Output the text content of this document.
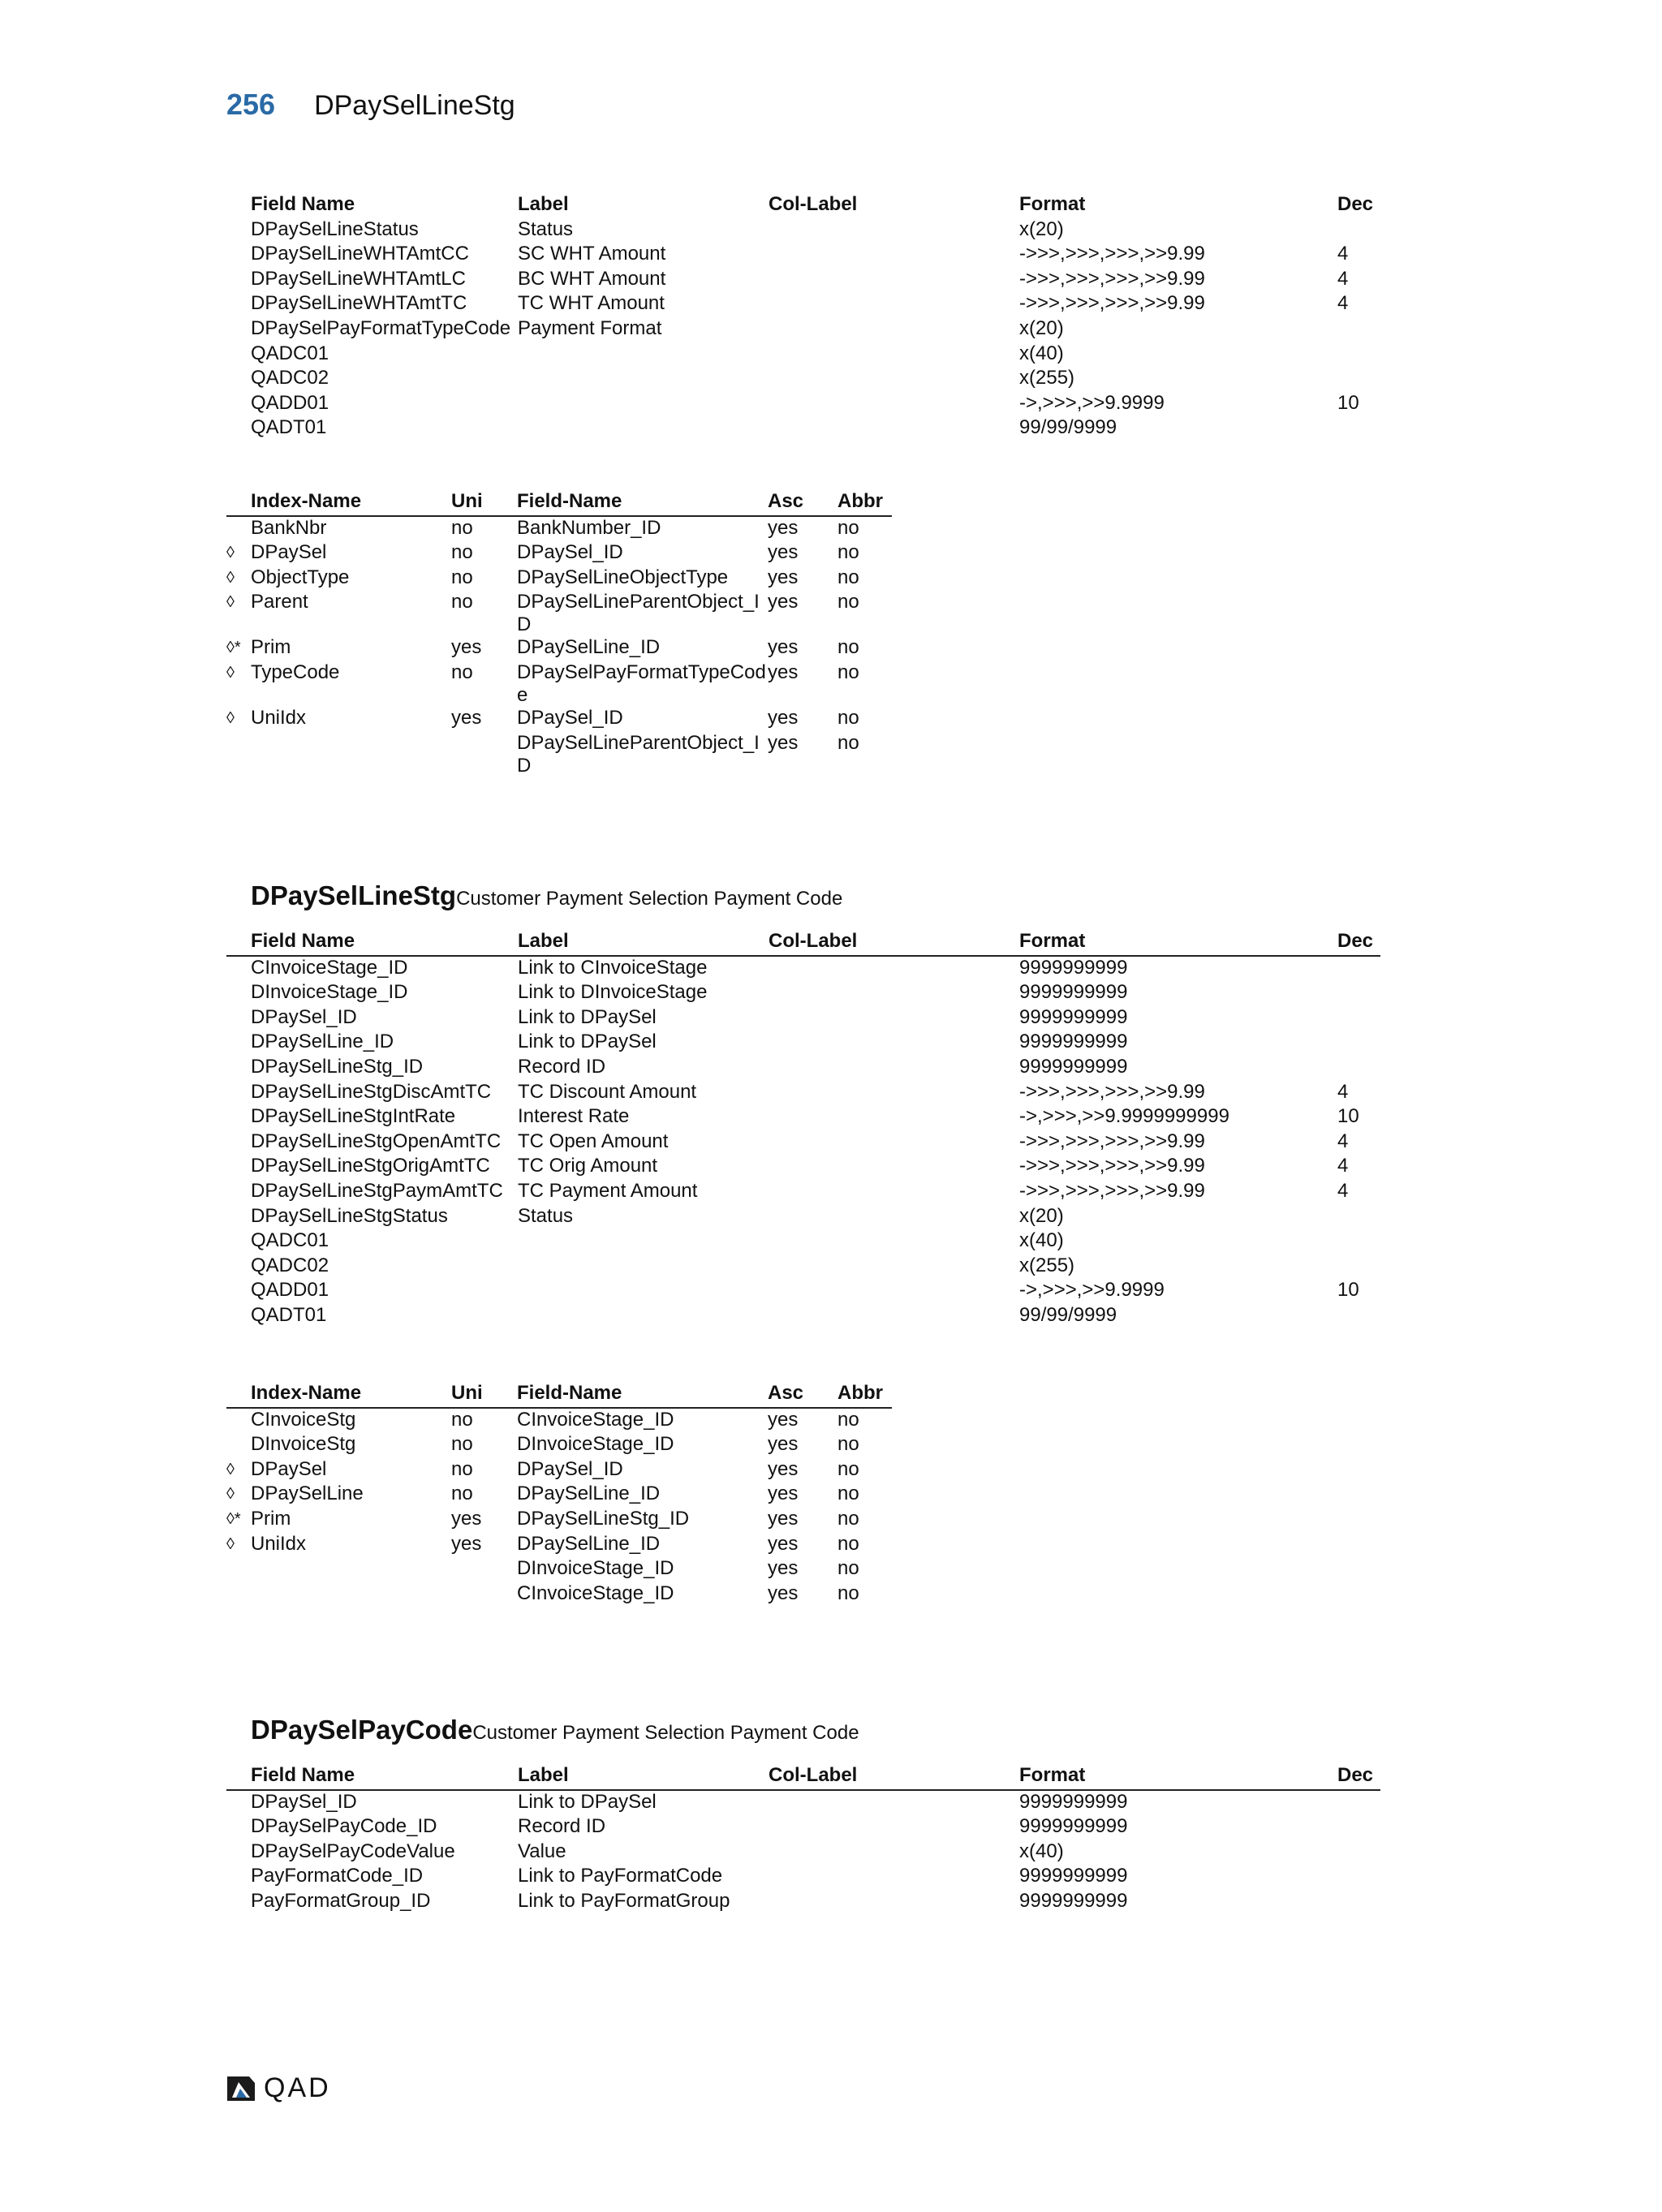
256 DPaySelLineStg
	Field Name	Label	Col-Label	Format	Dec
	DPaySelLineStatus	Status		x(20)	
	DPaySelLineWHTAmtCC	SC WHT Amount		->>>,>>>,>>>,>>9.99	4
	DPaySelLineWHTAmtLC	BC WHT Amount		->>>,>>>,>>>,>>9.99	4
	DPaySelLineWHTAmtTC	TC WHT Amount		->>>,>>>,>>>,>>9.99	4
	DPaySelPayFormatTypeCode	Payment Format		x(20)	
	QADC01			x(40)	
	QADC02			x(255)	
	QADD01			->,>>>,>>9.9999	10
	QADT01			99/99/9999	
	Index-Name	Uni	Field-Name	Asc	Abbr
	BankNbr	no	BankNumber_ID	yes	no
◊	DPaySel	no	DPaySel_ID	yes	no
◊	ObjectType	no	DPaySelLineObjectType	yes	no
◊	Parent	no	DPaySelLineParentObject_ID	yes	no
◊*	Prim	yes	DPaySelLine_ID	yes	no
◊	TypeCode	no	DPaySelPayFormatTypeCode	yes	no
◊	UniIdx	yes	DPaySel_ID	yes	no
			DPaySelLineParentObject_ID	yes	no
DPaySelLineStg Customer Payment Selection Payment Code
	Field Name	Label	Col-Label	Format	Dec
	CInvoiceStage_ID	Link to CInvoiceStage		9999999999	
	DInvoiceStage_ID	Link to DInvoiceStage		9999999999	
	DPaySel_ID	Link to DPaySel		9999999999	
	DPaySelLine_ID	Link to DPaySel		9999999999	
	DPaySelLineStg_ID	Record ID		9999999999	
	DPaySelLineStgDiscAmtTC	TC Discount Amount		->>>,>>>,>>>,>>9.99	4
	DPaySelLineStgIntRate	Interest Rate		->,>>>,>>9.9999999999	10
	DPaySelLineStgOpenAmtTC	TC Open Amount		->>>,>>>,>>>,>>9.99	4
	DPaySelLineStgOrigAmtTC	TC Orig Amount		->>>,>>>,>>>,>>9.99	4
	DPaySelLineStgPaymAmtTC	TC Payment Amount		->>>,>>>,>>>,>>9.99	4
	DPaySelLineStgStatus	Status		x(20)	
	QADC01			x(40)	
	QADC02			x(255)	
	QADD01			->,>>>,>>9.9999	10
	QADT01			99/99/9999	
	Index-Name	Uni	Field-Name	Asc	Abbr
	CInvoiceStg	no	CInvoiceStage_ID	yes	no
	DInvoiceStg	no	DInvoiceStage_ID	yes	no
◊	DPaySel	no	DPaySel_ID	yes	no
◊	DPaySelLine	no	DPaySelLine_ID	yes	no
◊*	Prim	yes	DPaySelLineStg_ID	yes	no
◊	UniIdx	yes	DPaySelLine_ID	yes	no
			DInvoiceStage_ID	yes	no
			CInvoiceStage_ID	yes	no
DPaySelPayCode Customer Payment Selection Payment Code
	Field Name	Label	Col-Label	Format	Dec
	DPaySel_ID	Link to DPaySel		9999999999	
	DPaySelPayCode_ID	Record ID		9999999999	
	DPaySelPayCodeValue	Value		x(40)	
	PayFormatCode_ID	Link to PayFormatCode		9999999999	
	PayFormatGroup_ID	Link to PayFormatGroup		9999999999	
QAD
